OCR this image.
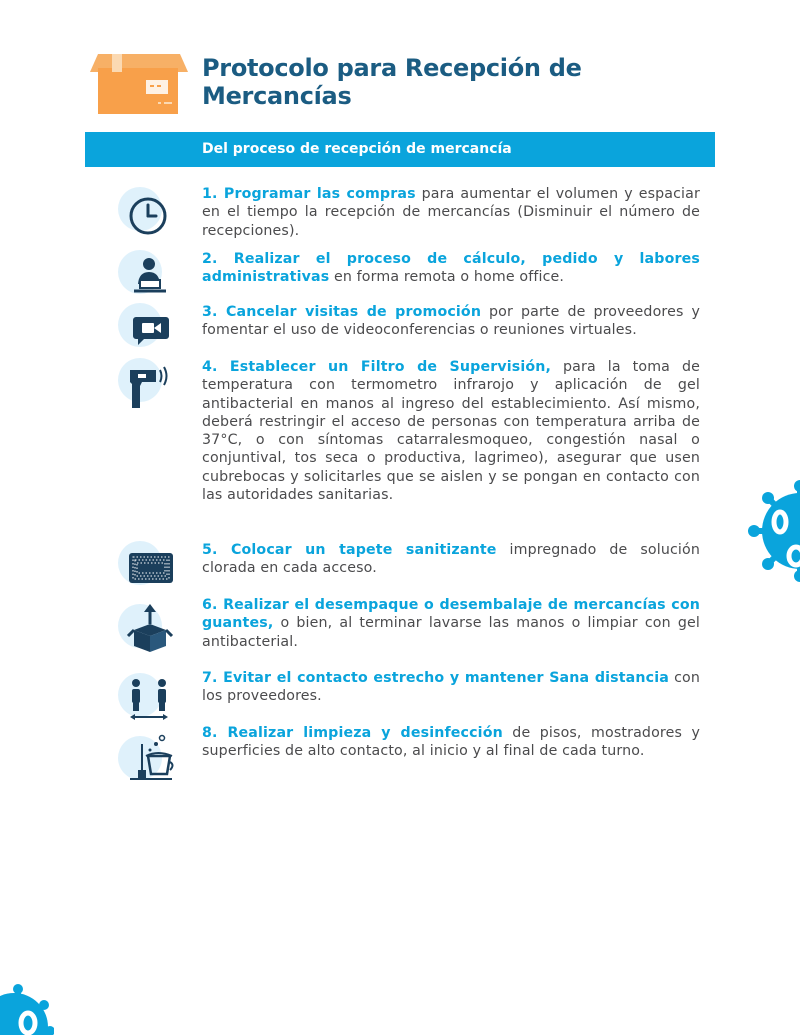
Protocolo para Recepción de Mercancías
Del proceso de recepción de mercancía

1. Programar las compras para aumentar el volumen y espaciar en el tiempo la recepción de mercancías (Disminuir el número de recepciones).

2. Realizar el proceso de cálculo, pedido y labores administrativas en forma remota o home office.

3. Cancelar visitas de promoción por parte de proveedores y fomentar el uso de videoconferencias o reuniones virtuales.

4. Establecer un Filtro de Supervisión, para la toma de temperatura con termometro infrarojo y aplicación de gel antibacterial en manos al ingreso del establecimiento. Así mismo, deberá restringir el acceso de personas con temperatura arriba de 37°C, o con síntomas catarralesmoqueo, congestión nasal o conjuntival, tos seca o productiva, lagrimeo), asegurar que usen cubrebocas y solicitarles que se aislen y se pongan en contacto con las autoridades sanitarias.

5. Colocar un tapete sanitizante impregnado de solución clorada en cada acceso.

6. Realizar el desempaque o desembalaje de mercancías con guantes, o bien, al terminar lavarse las manos o limpiar con gel antibacterial.

7. Evitar el contacto estrecho y mantener Sana distancia con los proveedores.

8. Realizar limpieza y desinfección de pisos, mostradores y superficies de alto contacto, al inicio y al final de cada turno.
